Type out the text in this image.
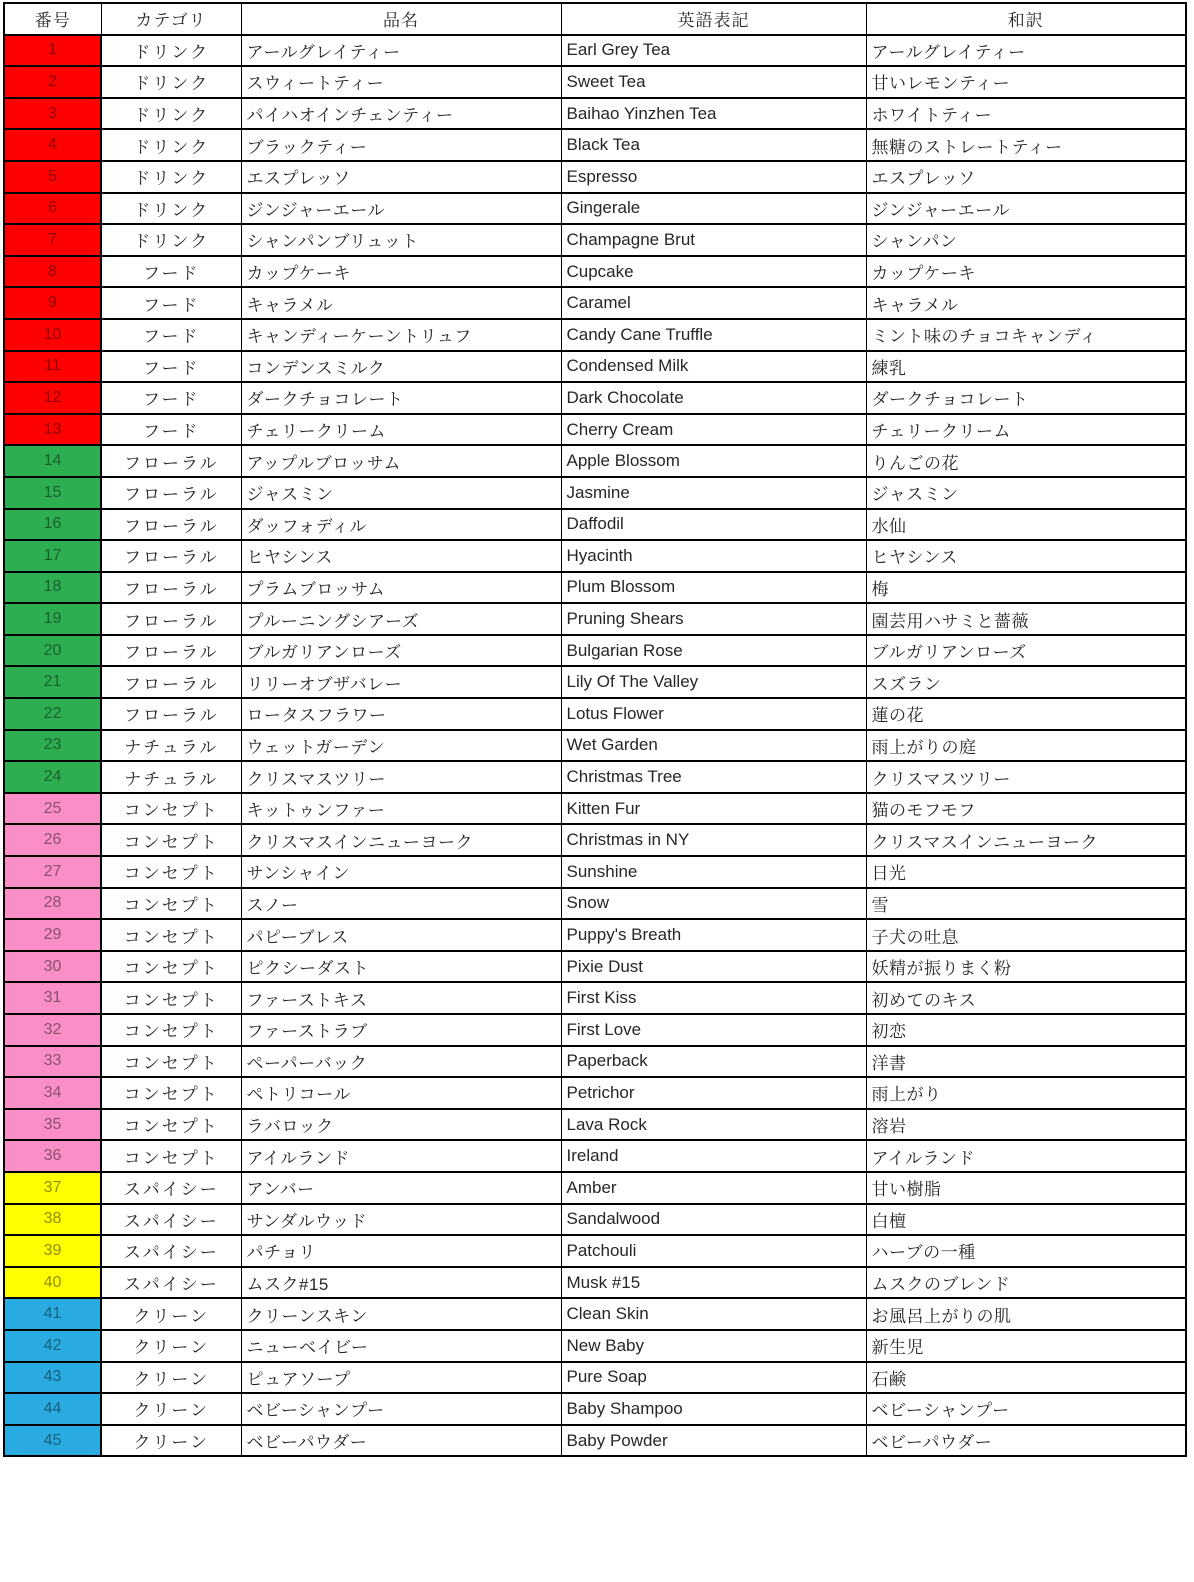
番号	カテゴリ	品名	英語表記	和訳
1	ドリンク	アールグレイティー	Earl Grey Tea	アールグレイティー
2	ドリンク	スウィートティー	Sweet Tea	甘いレモンティー
3	ドリンク	パイハオインチェンティー	Baihao Yinzhen Tea	ホワイトティー
4	ドリンク	ブラックティー	Black Tea	無糖のストレートティー
5	ドリンク	エスプレッソ	Espresso	エスプレッソ
6	ドリンク	ジンジャーエール	Gingerale	ジンジャーエール
7	ドリンク	シャンパンブリュット	Champagne Brut	シャンパン
8	フード	カップケーキ	Cupcake	カップケーキ
9	フード	キャラメル	Caramel	キャラメル
10	フード	キャンディーケーントリュフ	Candy Cane Truffle	ミント味のチョコキャンディ
11	フード	コンデンスミルク	Condensed Milk	練乳
12	フード	ダークチョコレート	Dark Chocolate	ダークチョコレート
13	フード	チェリークリーム	Cherry Cream	チェリークリーム
14	フローラル	アップルブロッサム	Apple Blossom	りんごの花
15	フローラル	ジャスミン	Jasmine	ジャスミン
16	フローラル	ダッフォディル	Daffodil	水仙
17	フローラル	ヒヤシンス	Hyacinth	ヒヤシンス
18	フローラル	プラムブロッサム	Plum Blossom	梅
19	フローラル	プルーニングシアーズ	Pruning Shears	園芸用ハサミと薔薇
20	フローラル	ブルガリアンローズ	Bulgarian Rose	ブルガリアンローズ
21	フローラル	リリーオブザバレー	Lily Of The Valley	スズラン
22	フローラル	ロータスフラワー	Lotus Flower	蓮の花
23	ナチュラル	ウェットガーデン	Wet Garden	雨上がりの庭
24	ナチュラル	クリスマスツリー	Christmas Tree	クリスマスツリー
25	コンセプト	キットゥンファー	Kitten Fur	猫のモフモフ
26	コンセプト	クリスマスインニューヨーク	Christmas in NY	クリスマスインニューヨーク
27	コンセプト	サンシャイン	Sunshine	日光
28	コンセプト	スノー	Snow	雪
29	コンセプト	パピーブレス	Puppy's Breath	子犬の吐息
30	コンセプト	ピクシーダスト	Pixie Dust	妖精が振りまく粉
31	コンセプト	ファーストキス	First Kiss	初めてのキス
32	コンセプト	ファーストラブ	First Love	初恋
33	コンセプト	ペーパーバック	Paperback	洋書
34	コンセプト	ペトリコール	Petrichor	雨上がり
35	コンセプト	ラバロック	Lava Rock	溶岩
36	コンセプト	アイルランド	Ireland	アイルランド
37	スパイシー	アンバー	Amber	甘い樹脂
38	スパイシー	サンダルウッド	Sandalwood	白檀
39	スパイシー	パチョリ	Patchouli	ハーブの一種
40	スパイシー	ムスク#15	Musk #15	ムスクのブレンド
41	クリーン	クリーンスキン	Clean Skin	お風呂上がりの肌
42	クリーン	ニューベイビー	New Baby	新生児
43	クリーン	ピュアソープ	Pure Soap	石鹸
44	クリーン	ベビーシャンプー	Baby Shampoo	ベビーシャンプー
45	クリーン	ベビーパウダー	Baby Powder	ベビーパウダー
